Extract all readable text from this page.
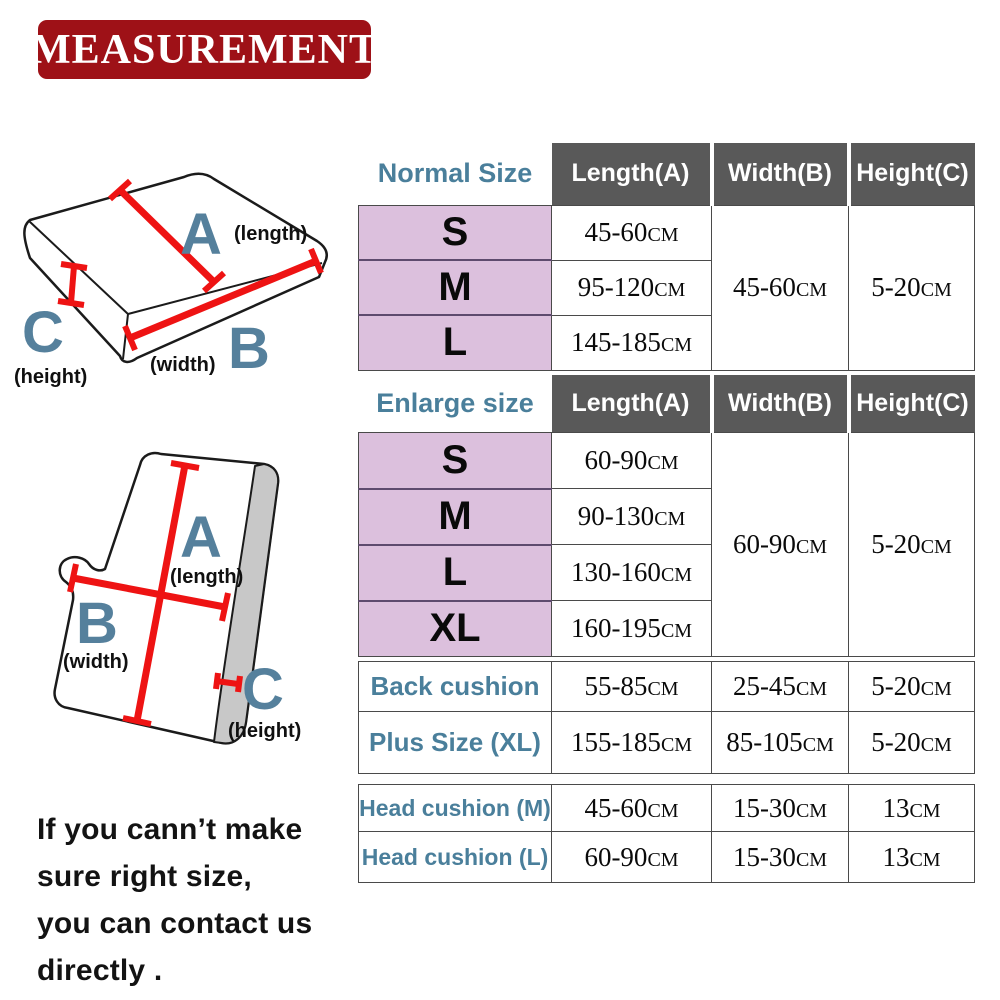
MEASUREMENT
A (length)
B
(width)
C
(height)
A
(length)
B
(width) C
(height)
If you cann’t make
sure right size,
you can contact us
directly .
Normal Size	Length(A)	Width(B)	Height(C)
S	45-60CM	45-60CM	5-20CM
M	95-120CM		
L	145-185CM		
Enlarge size	Length(A)	Width(B)	Height(C)
S	60-90CM	60-90CM	5-20CM
M	90-130CM		
L	130-160CM		
XL	160-195CM		
Back cushion	55-85CM	25-45CM	5-20CM
Plus Size (XL)	155-185CM	85-105CM	5-20CM
Head cushion (M)	45-60CM	15-30CM	13CM
Head cushion (L)	60-90CM	15-30CM	13CM
